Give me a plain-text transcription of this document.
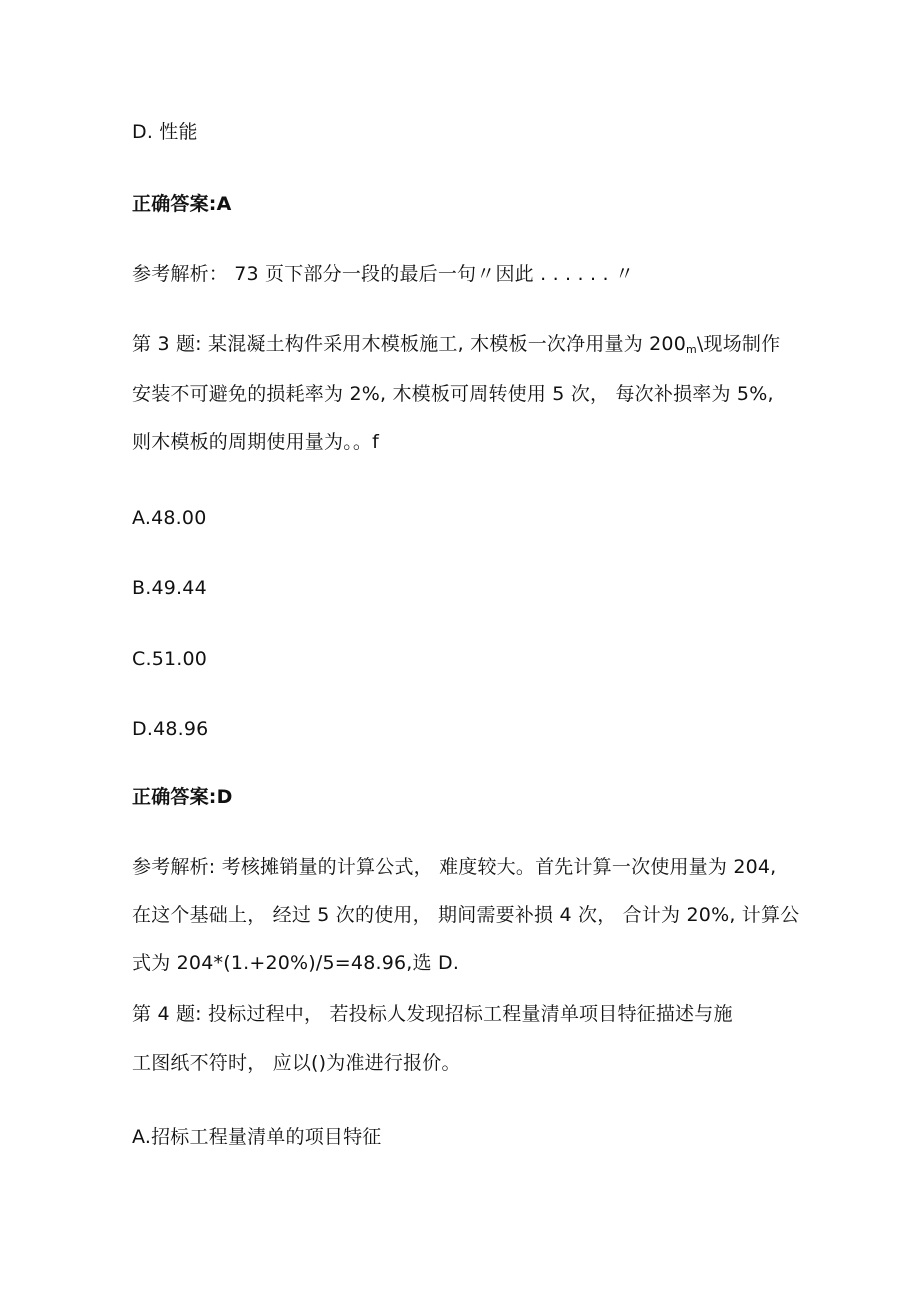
D. 性能
正确答案:A
参考解析： 73 页下部分一段的最后一句〃因此 . . . . . . 〃
第 3 题: 某混凝土构件采用木模板施工, 木模板一次净用量为 200m\现场制作
安装不可避免的损耗率为 2%, 木模板可周转使用 5 次， 每次补损率为 5%,
则木模板的周期使用量为。。f
A.48.00
B.49.44
C.51.00
D.48.96
正确答案:D
参考解析: 考核摊销量的计算公式， 难度较大。首先计算一次使用量为 204,
在这个基础上， 经过 5 次的使用， 期间需要补损 4 次， 合计为 20%, 计算公
式为 204*(1.+20%)∕5=48.96,选 D.
第 4 题: 投标过程中， 若投标人发现招标工程量清单项目特征描述与施
工图纸不符时， 应以()为准进行报价。
A.招标工程量清单的项目特征
